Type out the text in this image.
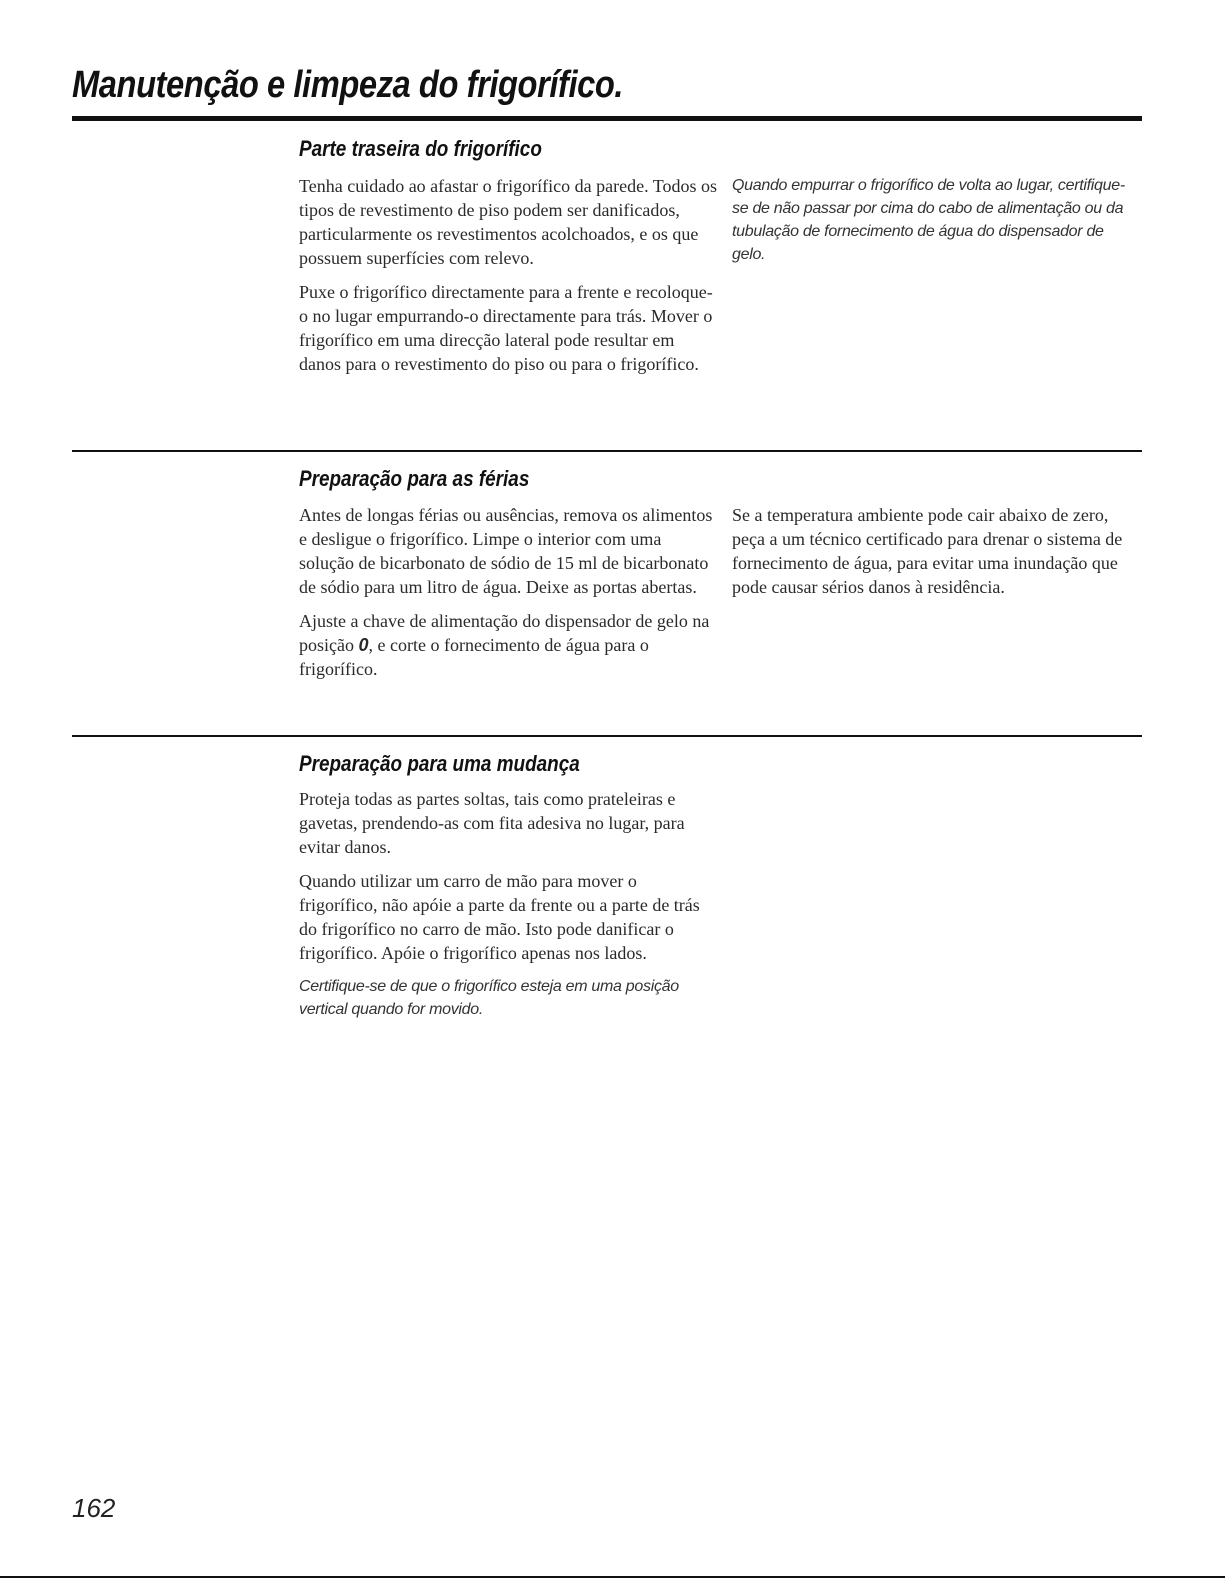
Manutenção e limpeza do frigorífico.
Parte traseira do frigorífico

Tenha cuidado ao afastar o frigorífico da parede. Todos os tipos de revestimento de piso podem ser danificados, particularmente os revestimentos acolchoados, e os que possuem superfícies com relevo.

Puxe o frigorífico directamente para a frente e recoloque-o no lugar empurrando-o directamente para trás. Mover o frigorífico em uma direcção lateral pode resultar em danos para o revestimento do piso ou para o frigorífico.

Quando empurrar o frigorífico de volta ao lugar, certifique-se de não passar por cima do cabo de alimentação ou da tubulação de fornecimento de água do dispensador de gelo.
Preparação para as férias

Antes de longas férias ou ausências, remova os alimentos e desligue o frigorífico. Limpe o interior com uma solução de bicarbonato de sódio de 15 ml de bicarbonato de sódio para um litro de água. Deixe as portas abertas.

Ajuste a chave de alimentação do dispensador de gelo na posição 0, e corte o fornecimento de água para o frigorífico.

Se a temperatura ambiente pode cair abaixo de zero, peça a um técnico certificado para drenar o sistema de fornecimento de água, para evitar uma inundação que pode causar sérios danos à residência.

Preparação para uma mudança

Proteja todas as partes soltas, tais como prateleiras e gavetas, prendendo-as com fita adesiva no lugar, para evitar danos.

Quando utilizar um carro de mão para mover o frigorífico, não apóie a parte da frente ou a parte de trás do frigorífico no carro de mão. Isto pode danificar o frigorífico. Apóie o frigorífico apenas nos lados.

Certifique-se de que o frigorífico esteja em uma posição vertical quando for movido.

162
